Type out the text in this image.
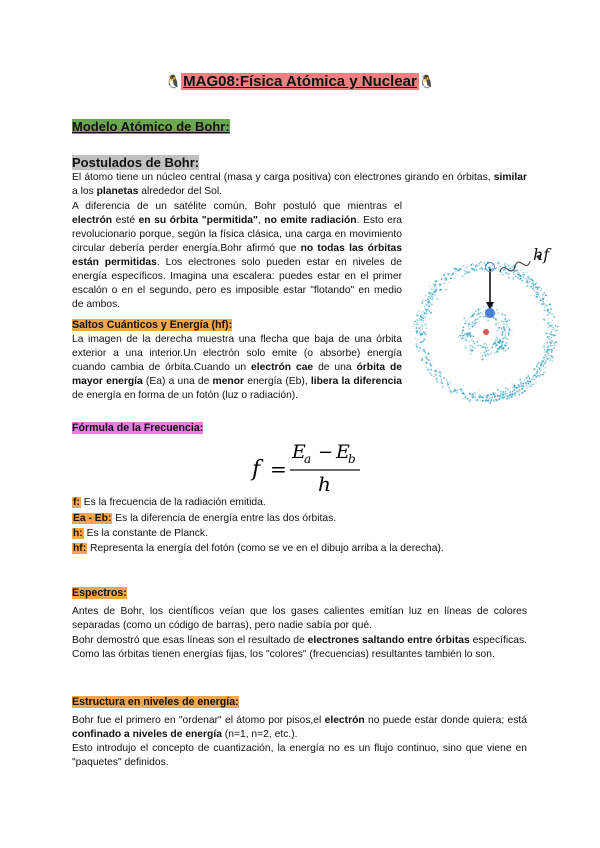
🐧 MAG08:Física Atómica y Nuclear 🐧
Modelo Atómico de Bohr:
Postulados de Bohr:
El átomo tiene un núcleo central (masa y carga positiva) con electrones girando en órbitas, similar a los planetas alrededor del Sol.
A diferencia de un satélite común, Bohr postuló que mientras el electrón esté en su órbita "permitida", no emite radiación. Esto era revolucionario porque, según la física clásica, una carga en movimiento circular debería perder energía.Bohr afirmó que no todas las órbitas están permitidas. Los electrones solo pueden estar en niveles de energía específicos. Imagina una escalera: puedes estar en el primer escalón o en el segundo, pero es imposible estar "flotando" en medio de ambos.
Saltos Cuánticos y Energía (hf):
La imagen de la derecha muestra una flecha que baja de una órbita exterior a una interior.Un electrón solo emite (o absorbe) energía cuando cambia de órbita.Cuando un electrón cae de una órbita de mayor energía (Ea) a una de menor energía (Eb), libera la diferencia de energía en forma de un fotón (luz o radiación).
Fórmula de la Frecuencia:
f =
E
a − E
b
h
f: Es la frecuencia de la radiación emitida.
Ea - Eb: Es la diferencia de energía entre las dos órbitas.
h: Es la constante de Planck.
hf: Representa la energía del fotón (como se ve en el dibujo arriba a la derecha).
Espectros:
Antes de Bohr, los científicos veían que los gases calientes emitían luz en líneas de colores separadas (como un código de barras), pero nadie sabía por qué.
Bohr demostró que esas líneas son el resultado de electrones saltando entre órbitas específicas. Como las órbitas tienen energías fijas, los "colores" (frecuencias) resultantes también lo son.
Estructura en niveles de energía:
Bohr fue el primero en "ordenar" el átomo por pisos,el electrón no puede estar donde quiera; está confinado a niveles de energía (n=1, n=2, etc.).
Esto introdujo el concepto de cuantización, la energía no es un flujo continuo, sino que viene en "paquetes" definidos.
hf
